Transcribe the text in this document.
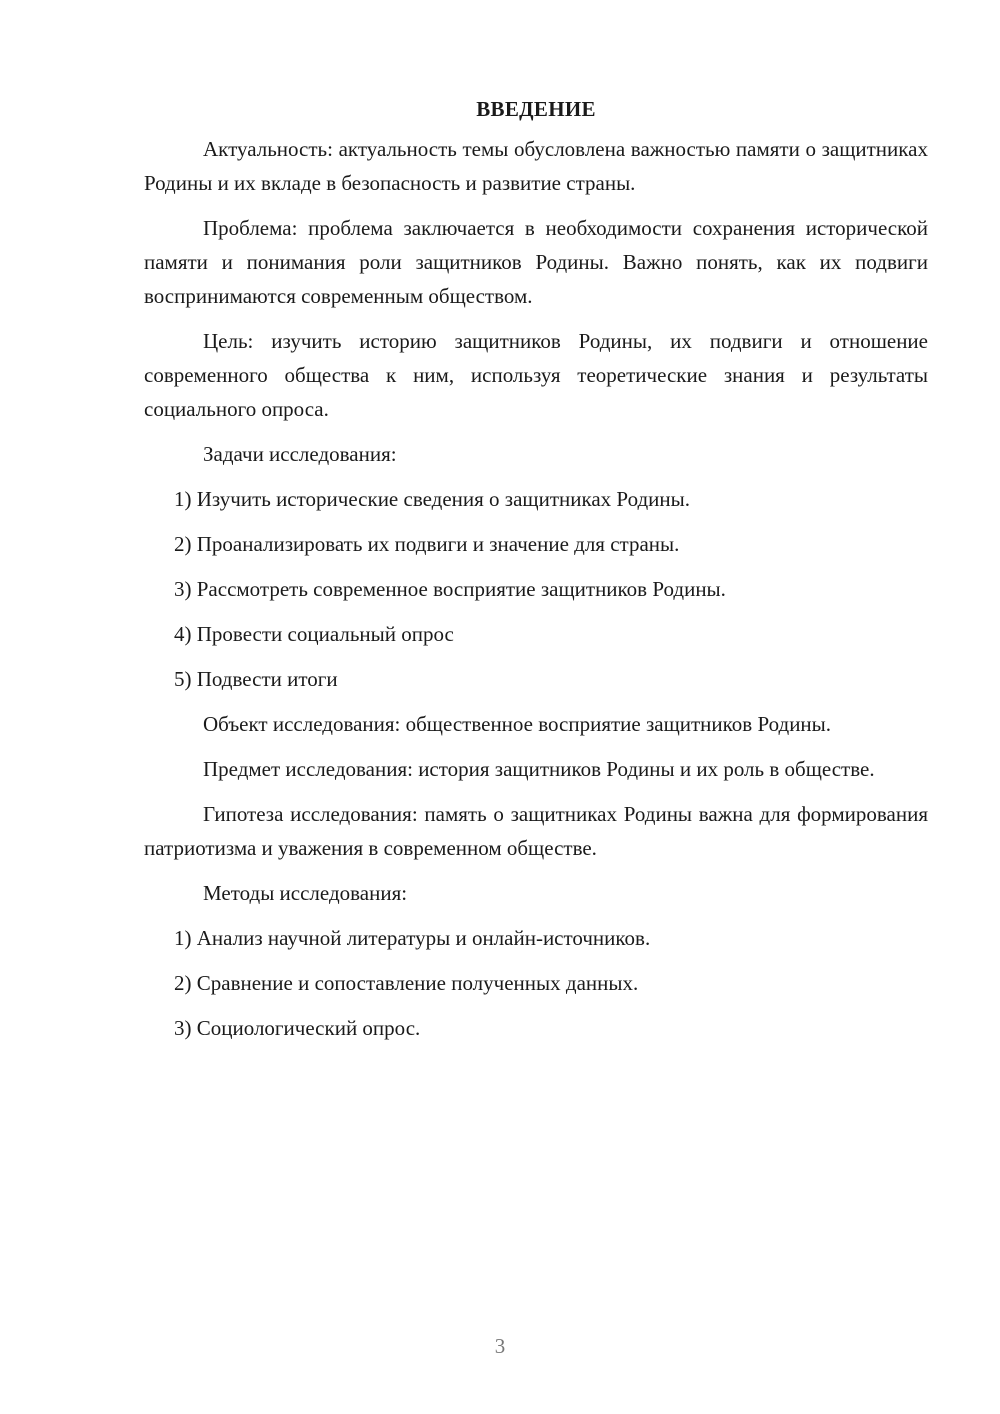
ВВЕДЕНИЕ

Актуальность: актуальность темы обусловлена важностью памяти о защитниках Родины и их вкладе в безопасность и развитие страны.

Проблема: проблема заключается в необходимости сохранения исторической памяти и понимания роли защитников Родины. Важно понять, как их подвиги воспринимаются современным обществом.

Цель: изучить историю защитников Родины, их подвиги и отношение современного общества к ним, используя теоретические знания и результаты социального опроса.

Задачи исследования:

1) Изучить исторические сведения о защитниках Родины.
2) Проанализировать их подвиги и значение для страны.
3) Рассмотреть современное восприятие защитников Родины.
4) Провести социальный опрос
5) Подвести итоги

Объект исследования: общественное восприятие защитников Родины.

Предмет исследования: история защитников Родины и их роль в обществе.

Гипотеза исследования: память о защитниках Родины важна для формирования патриотизма и уважения в современном обществе.

Методы исследования:

1) Анализ научной литературы и онлайн-источников.
2) Сравнение и сопоставление полученных данных.
3) Социологический опрос.
3
